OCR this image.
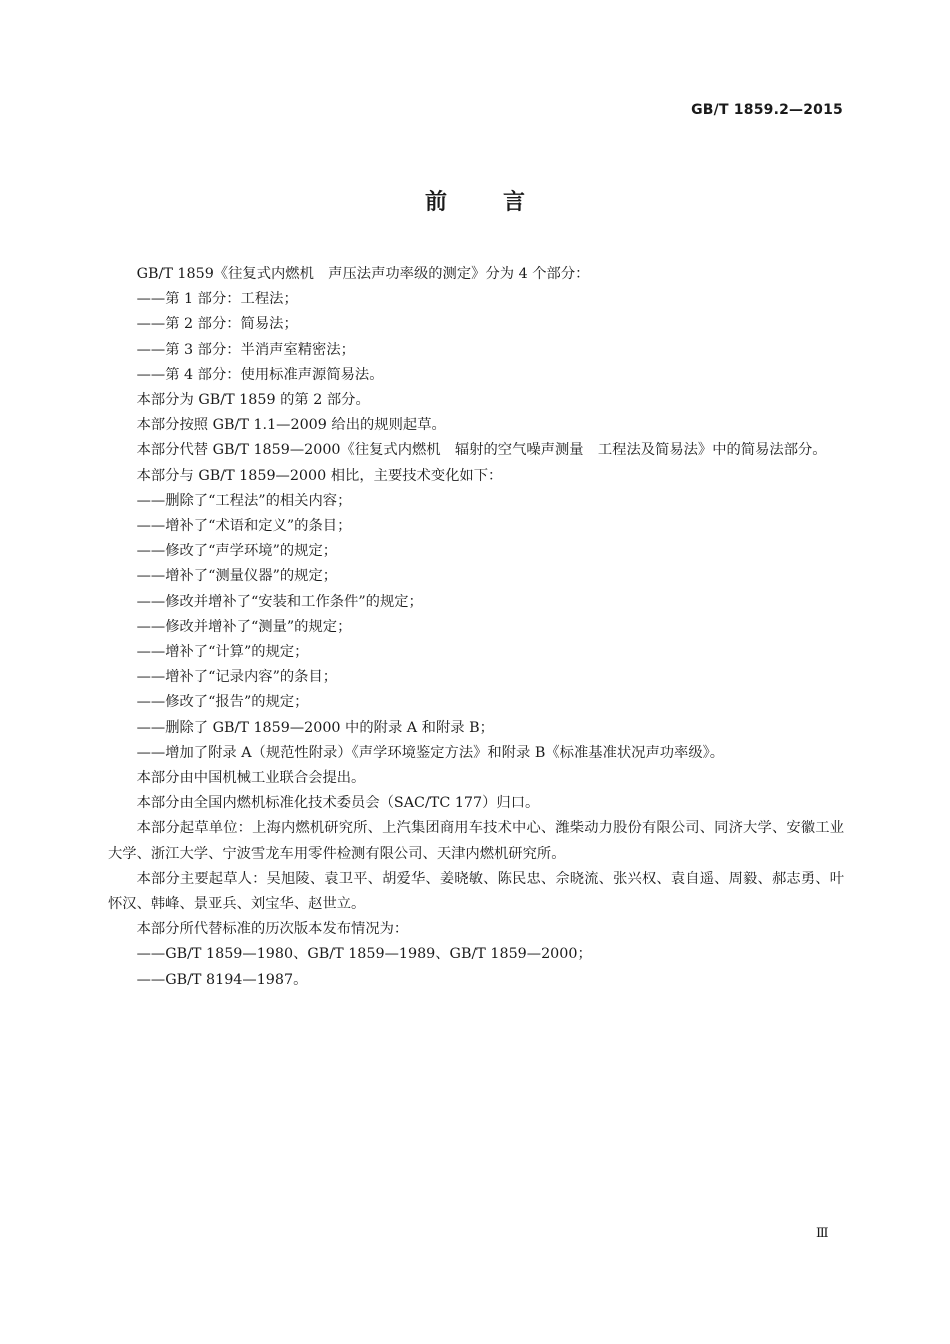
GB/T 1859.2—2015
前言

GB/T 1859《往复式内燃机　声压法声功率级的测定》分为 4 个部分：

——第 1 部分：工程法；

——第 2 部分：简易法；

——第 3 部分：半消声室精密法；

——第 4 部分：使用标准声源简易法。

本部分为 GB/T 1859 的第 2 部分。

本部分按照 GB/T 1.1—2009 给出的规则起草。

本部分代替 GB/T 1859—2000《往复式内燃机　辐射的空气噪声测量　工程法及简易法》中的简易法部分。

本部分与 GB/T 1859—2000 相比，主要技术变化如下：

——删除了“工程法”的相关内容；

——增补了“术语和定义”的条目；

——修改了“声学环境”的规定；

——增补了“测量仪器”的规定；

——修改并增补了“安装和工作条件”的规定；

——修改并增补了“测量”的规定；

——增补了“计算”的规定；

——增补了“记录内容”的条目；

——修改了“报告”的规定；

——删除了 GB/T 1859—2000 中的附录 A 和附录 B；

——增加了附录 A（规范性附录）《声学环境鉴定方法》和附录 B《标准基准状况声功率级》。

本部分由中国机械工业联合会提出。

本部分由全国内燃机标准化技术委员会（SAC/TC 177）归口。

本部分起草单位：上海内燃机研究所、上汽集团商用车技术中心、潍柴动力股份有限公司、同济大学、安徽工业大学、浙江大学、宁波雪龙车用零件检测有限公司、天津内燃机研究所。

本部分主要起草人：吴旭陵、袁卫平、胡爱华、姜晓敏、陈民忠、佘晓流、张兴权、袁自遥、周毅、郝志勇、叶怀汉、韩峰、景亚兵、刘宝华、赵世立。

本部分所代替标准的历次版本发布情况为：

——GB/T 1859—1980、GB/T 1859—1989、GB/T 1859—2000；

——GB/T 8194—1987。

Ⅲ
